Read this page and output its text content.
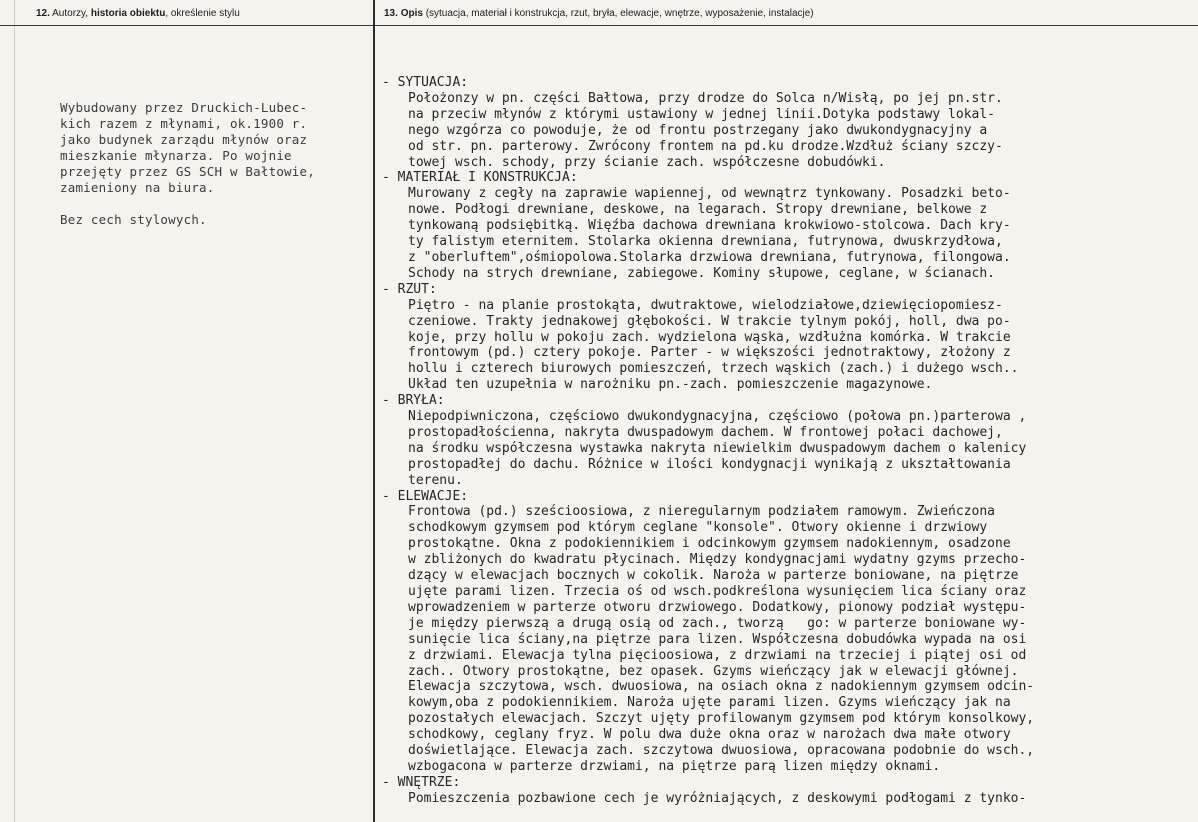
12. Autorzy, historia obiektu, określenie stylu	13. Opis (sytuacja, materiał i konstrukcja, rzut, bryła, elewacje, wnętrze, wyposażenie, instalacje)
Wybudowany przez Druckich-Lubec-
kich razem z młynami, ok.1900 r.
jako budynek zarządu młynów oraz
mieszkanie młynarza. Po wojnie
przejęty przez GS SCH w Bałtowie,
zamieniony na biura.
Bez cech stylowych.
- SYTUACJA:
Położonzy w pn. części Bałtowa, przy drodze do Solca n/Wisłą, po jej pn.str.
na przeciw młynów z którymi ustawiony w jednej linii.Dotyka podstawy lokal-
nego wzgórza co powoduje, że od frontu postrzegany jako dwukondygnacyjny a
od str. pn. parterowy. Zwrócony frontem na pd.ku drodze.Wzdłuż ściany szczy-
towej wsch. schody, przy ścianie zach. współczesne dobudówki.
- MATERIAŁ I KONSTRUKCJA:
Murowany z cegły na zaprawie wapiennej, od wewnątrz tynkowany. Posadzki beto-
nowe. Podłogi drewniane, deskowe, na legarach. Stropy drewniane, belkowe z
tynkowaną podsiębitką. Więźba dachowa drewniana krokwiowo-stolcowa. Dach kry-
ty falistym eternitem. Stolarka okienna drewniana, futrynowa, dwuskrzydłowa,
z "oberluftem",ośmiopolowa.Stolarka drzwiowa drewniana, futrynowa, filongowa.
Schody na strych drewniane, zabiegowe. Kominy słupowe, ceglane, w ścianach.
- RZUT:
Piętro - na planie prostokąta, dwutraktowe, wielodziałowe,dziewięciopomiesz-
czeniowe. Trakty jednakowej głębokości. W trakcie tylnym pokój, holl, dwa po-
koje, przy hollu w pokoju zach. wydzielona wąska, wzdłużna komórka. W trakcie
frontowym (pd.) cztery pokoje. Parter - w większości jednotraktowy, złożony z
hollu i czterech biurowych pomieszczeń, trzech wąskich (zach.) i dużego wsch..
Układ ten uzupełnia w narożniku pn.-zach. pomieszczenie magazynowe.
- BRYŁA:
Niepodpiwniczona, częściowo dwukondygnacyjna, częściowo (połowa pn.)parterowa ,
prostopadłościenna, nakryta dwuspadowym dachem. W frontowej połaci dachowej,
na środku współczesna wystawka nakryta niewielkim dwuspadowym dachem o kalenicy
prostopadłej do dachu. Różnice w ilości kondygnacji wynikają z ukształtowania
terenu.
- ELEWACJE:
Frontowa (pd.) sześcioosiowa, z nieregularnym podziałem ramowym. Zwieńczona
schodkowym gzymsem pod którym ceglane "konsole". Otwory okienne i drzwiowy
prostokątne. Okna z podokiennikiem i odcinkowym gzymsem nadokiennym, osadzone
w zbliżonych do kwadratu płycinach. Między kondygnacjami wydatny gzyms przecho-
dzący w elewacjach bocznych w cokolik. Naroża w parterze boniowane, na piętrze
ujęte parami lizen. Trzecia oś od wsch.podkreślona wysunięciem lica ściany oraz
wprowadzeniem w parterze otworu drzwiowego. Dodatkowy, pionowy podział występu-
je między pierwszą a drugą osią od zach., tworzą   go: w parterze boniowane wy-
sunięcie lica ściany,na piętrze para lizen. Współczesna dobudówka wypada na osi
z drzwiami. Elewacja tylna pięcioosiowa, z drzwiami na trzeciej i piątej osi od
zach.. Otwory prostokątne, bez opasek. Gzyms wieńczący jak w elewacji głównej.
Elewacja szczytowa, wsch. dwuosiowa, na osiach okna z nadokiennym gzymsem odcin-
kowym,oba z podokiennikiem. Naroża ujęte parami lizen. Gzyms wieńczący jak na
pozostałych elewacjach. Szczyt ujęty profilowanym gzymsem pod którym konsolkowy,
schodkowy, ceglany fryz. W polu dwa duże okna oraz w narożach dwa małe otwory
doświetlające. Elewacja zach. szczytowa dwuosiowa, opracowana podobnie do wsch.,
wzbogacona w parterze drzwiami, na piętrze parą lizen między oknami.
- WNĘTRZE:
Pomieszczenia pozbawione cech je wyróżniających, z deskowymi podłogami z tynko-
